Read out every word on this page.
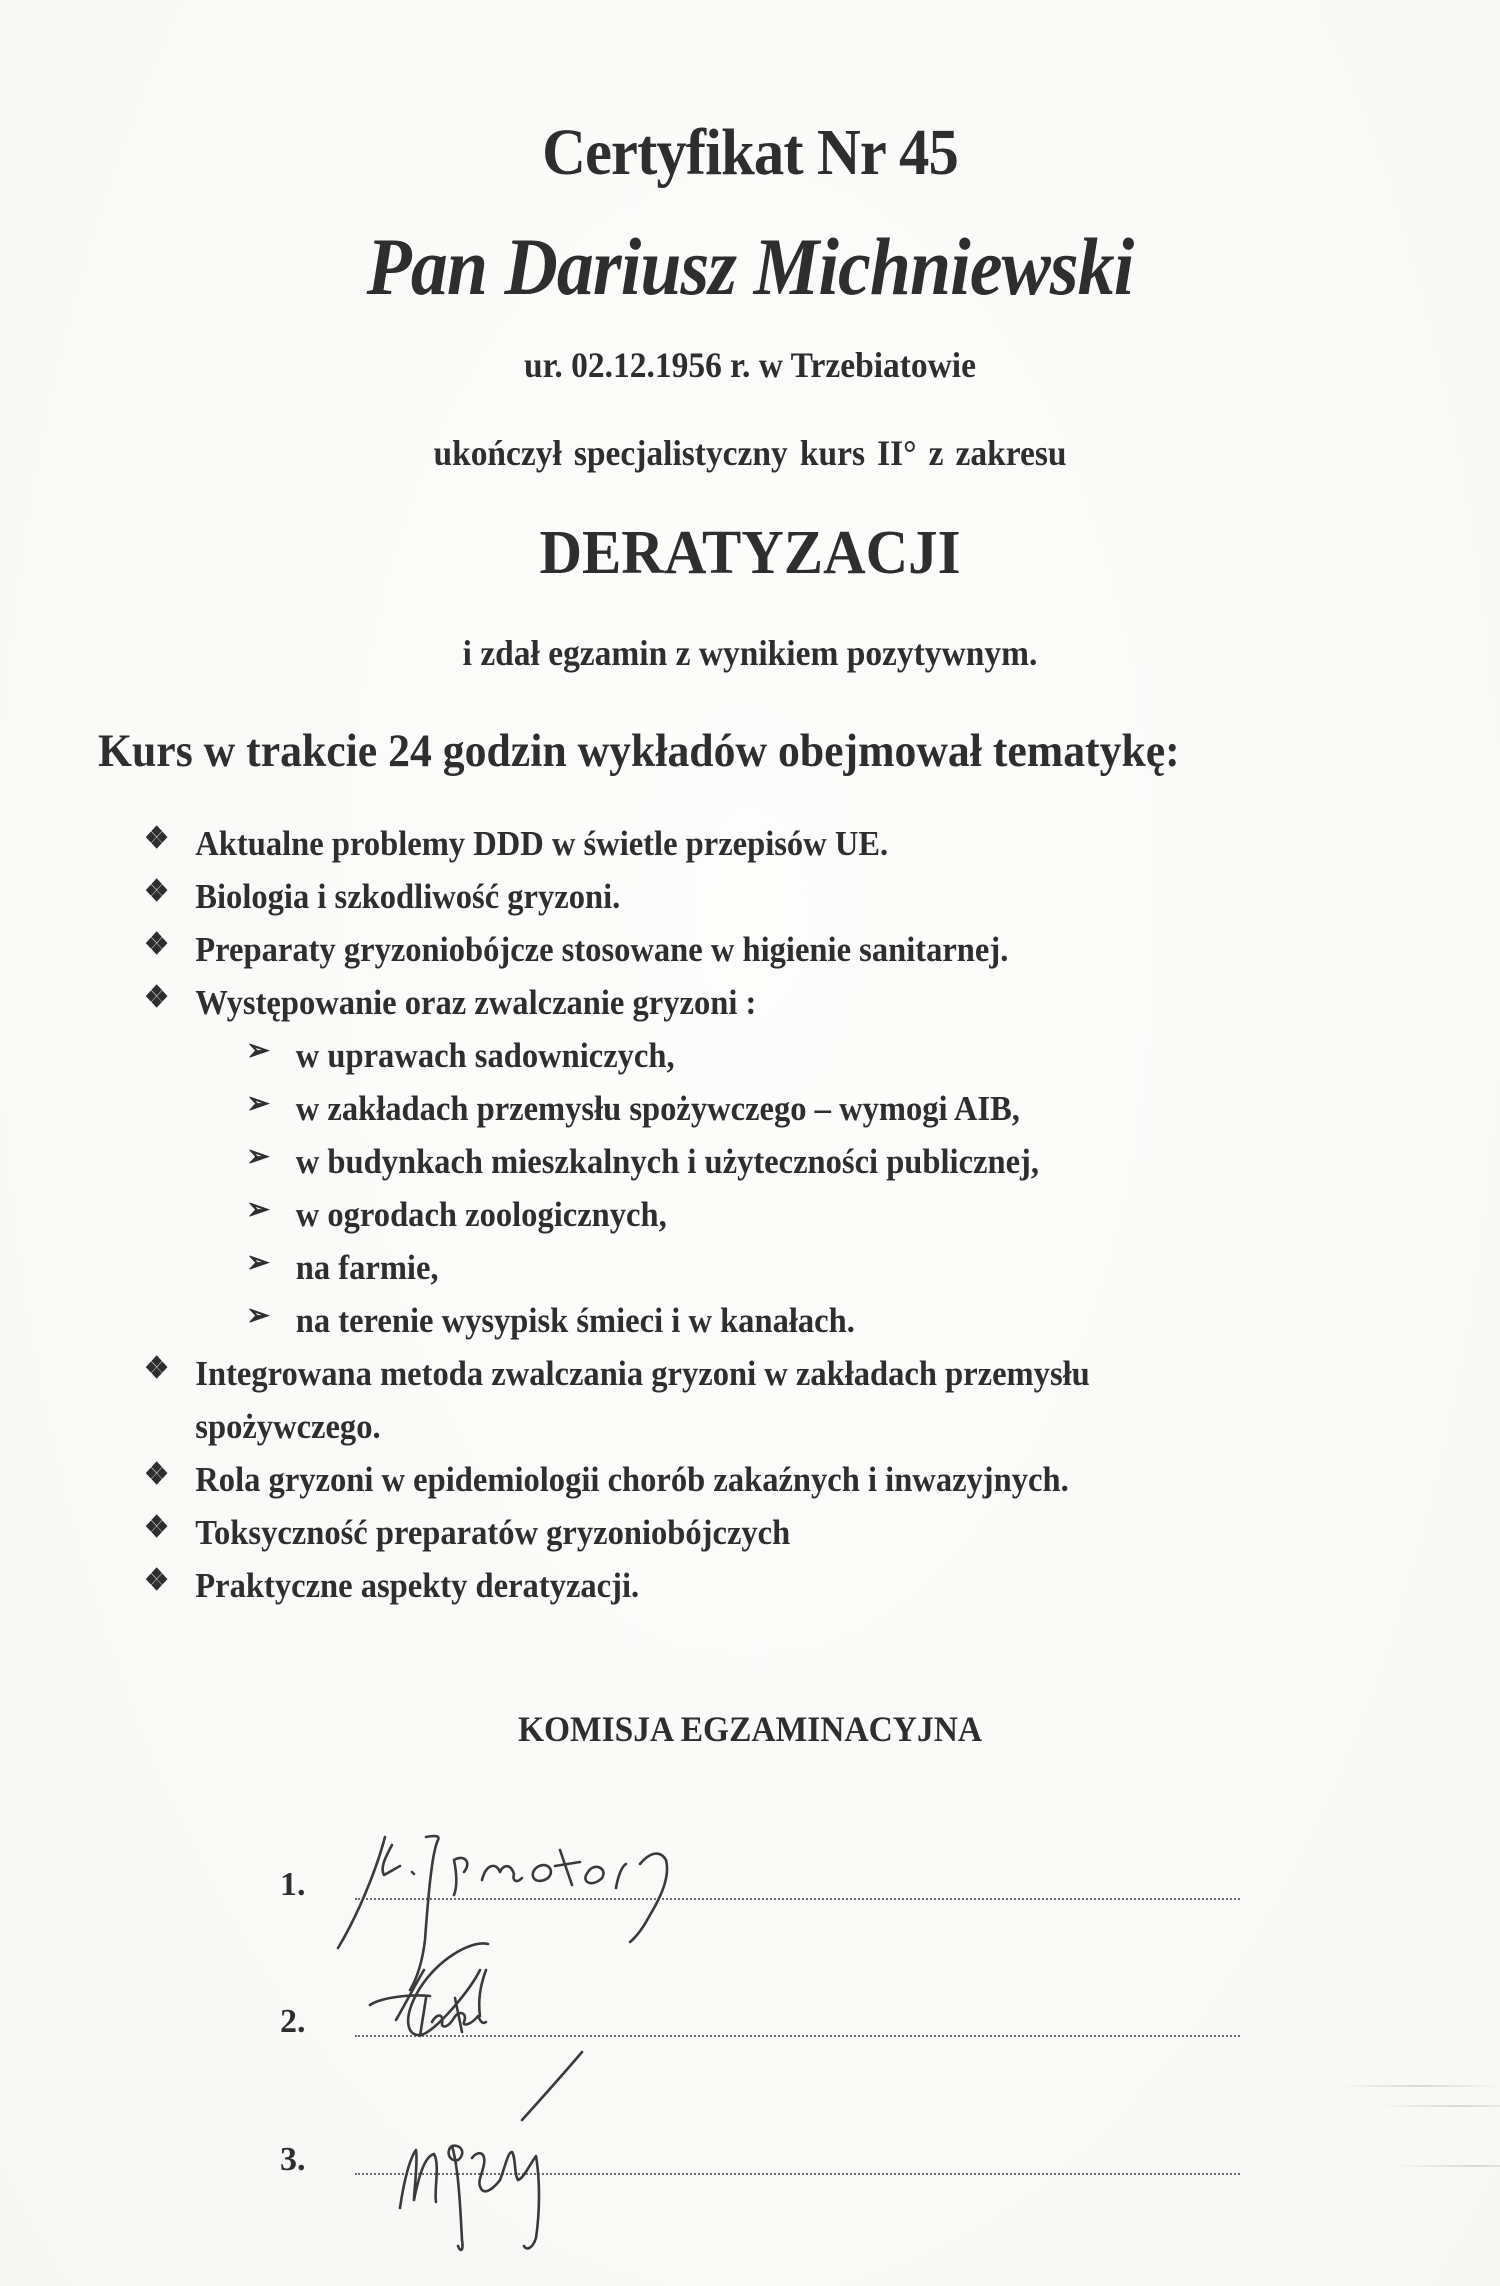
Certyfikat Nr 45
Pan Dariusz Michniewski
ur. 02.12.1956 r. w Trzebiatowie
ukończył specjalistyczny kurs II° z zakresu
DERATYZACJI
i zdał egzamin z wynikiem pozytywnym.
Kurs w trakcie 24 godzin wykładów obejmował tematykę:
❖ Aktualne problemy DDD w świetle przepisów UE.
❖ Biologia i szkodliwość gryzoni.
❖ Preparaty gryzoniobójcze stosowane w higienie sanitarnej.
❖ Występowanie oraz zwalczanie gryzoni :
➢ w uprawach sadowniczych,
➢ w zakładach przemysłu spożywczego – wymogi AIB,
➢ w budynkach mieszkalnych i użyteczności publicznej,
➢ w ogrodach zoologicznych,
➢ na farmie,
➢ na terenie wysypisk śmieci i w kanałach.
❖ Integrowana metoda zwalczania gryzoni w zakładach przemysłu
spożywczego.
❖ Rola gryzoni w epidemiologii chorób zakaźnych i inwazyjnych.
❖ Toksyczność preparatów gryzoniobójczych
❖ Praktyczne aspekty deratyzacji.
KOMISJA EGZAMINACYJNA
1.
2.
3.
